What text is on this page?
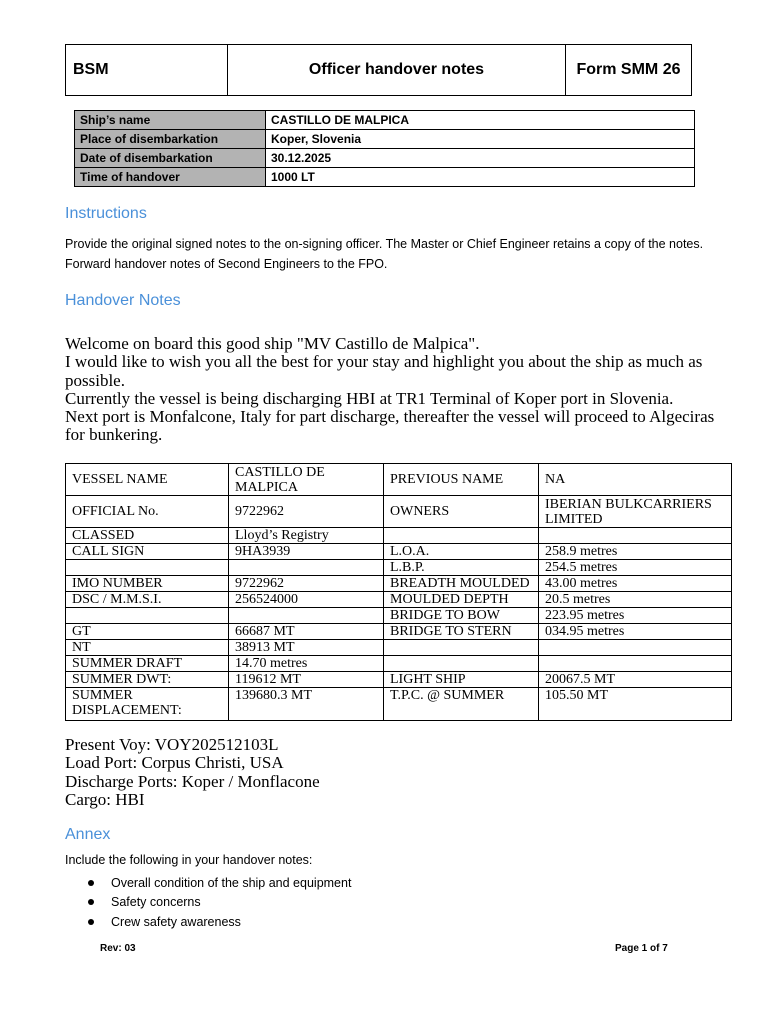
BSM	Officer handover notes	Form SMM 26
Ship’s name	CASTILLO DE MALPICA
Place of disembarkation	Koper, Slovenia
Date of disembarkation	30.12.2025
Time of handover	1000 LT
Instructions

Provide the original signed notes to the on-signing officer. The Master or Chief Engineer retains a copy of the notes. Forward handover notes of Second Engineers to the FPO.

Handover Notes
Welcome on board this good ship "MV Castillo de Malpica".
I would like to wish you all the best for your stay and highlight you about the ship as much as possible.
Currently the vessel is being discharging HBI at TR1 Terminal of Koper port in Slovenia.
Next port is Monfalcone, Italy for part discharge, thereafter the vessel will proceed to Algeciras for bunkering.
VESSEL NAME	CASTILLO DE MALPICA	PREVIOUS NAME	NA
OFFICIAL No.	9722962	OWNERS	IBERIAN BULKCARRIERS LIMITED
CLASSED	Lloyd’s Registry		
CALL SIGN	9HA3939	L.O.A.	258.9 metres
		L.B.P.	254.5 metres
IMO NUMBER	9722962	BREADTH MOULDED	43.00 metres
DSC / M.M.S.I.	256524000	MOULDED DEPTH	20.5 metres
		BRIDGE TO BOW	223.95 metres
GT	66687 MT	BRIDGE TO STERN	034.95 metres
NT	38913 MT		
SUMMER DRAFT	14.70 metres		
SUMMER DWT:	119612 MT	LIGHT SHIP	20067.5 MT
SUMMER DISPLACEMENT:	139680.3 MT	T.P.C. @ SUMMER	105.50 MT
Present Voy: VOY202512103L
Load Port: Corpus Christi, USA
Discharge Ports: Koper / Monflacone
Cargo: HBI
Annex

Include the following in your handover notes:

Overall condition of the ship and equipment
Safety concerns
Crew safety awareness
Rev: 03	Page 1 of 7
